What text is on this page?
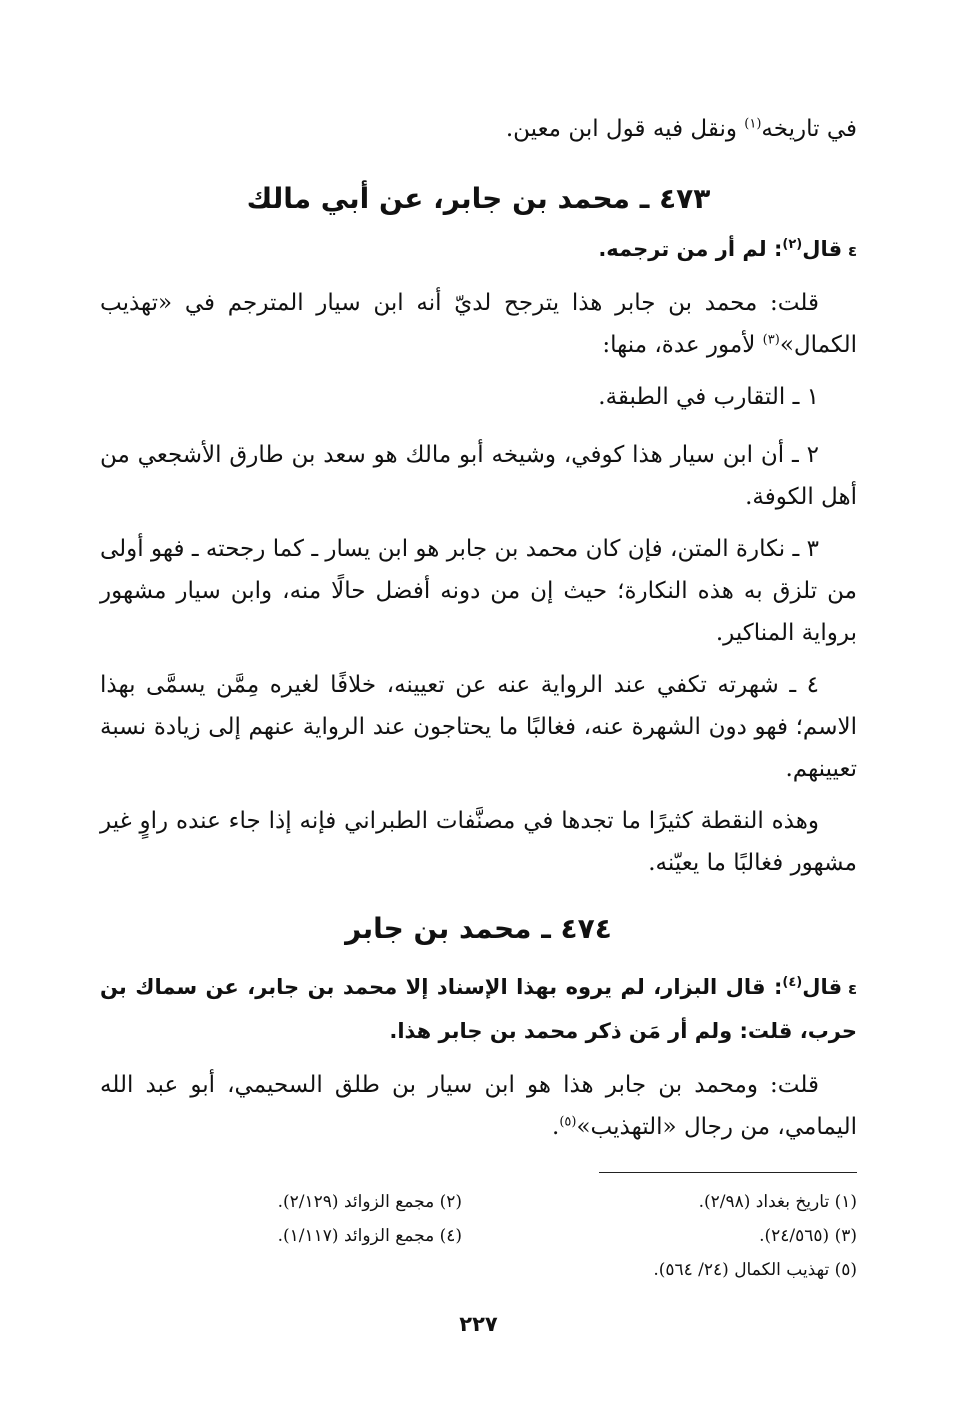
في تاريخه$^{(١)}$ ونقل فيه قول ابن معين.
٤٧٣ ـ محمد بن جابر، عن أبي مالك
εقال$^{(٢)}$: لم أر من ترجمه.
قلت: محمد بن جابر هذا يترجح لديّ أنه ابن سيار المترجم في «تهذيب الكمال»$^{(٣)}$ لأمور عدة، منها:
١ ـ التقارب في الطبقة.
٢ ـ أن ابن سيار هذا كوفي، وشيخه أبو مالك هو سعد بن طارق الأشجعي من أهل الكوفة.
٣ ـ نكارة المتن، فإن كان محمد بن جابر هو ابن يسار ـ كما رجحته ـ فهو أولى من تلزق به هذه النكارة؛ حيث إن من دونه أفضل حالًا منه، وابن سيار مشهور برواية المناكير.
٤ ـ شهرته تكفي عند الرواية عنه عن تعيينه، خلافًا لغيره مِمَّن يسمَّى بهذا الاسم؛ فهو دون الشهرة عنه، فغالبًا ما يحتاجون عند الرواية عنهم إلى زيادة نسبة تعيينهم.
وهذه النقطة كثيرًا ما تجدها في مصنَّفات الطبراني فإنه إذا جاء عنده راوٍ غير مشهور فغالبًا ما يعيّنه.
٤٧٤ ـ محمد بن جابر
εقال$^{(٤)}$: قال البزار، لم يروه بهذا الإسناد إلا محمد بن جابر، عن سماك بن حرب، قلت: ولم أر مَن ذكر محمد بن جابر هذا.
قلت: ومحمد بن جابر هذا هو ابن سيار بن طلق السحيمي، أبو عبد الله اليمامي، من رجال «التهذيب»$^{(٥)}$.
(١) تاريخ بغداد (٢/٩٨).
(٢) مجمع الزوائد (٢/١٢٩).
(٣) (٢٤/٥٦٥).
(٤) مجمع الزوائد (١/١١٧).
(٥) تهذيب الكمال (٢٤/ ٥٦٤).
٢٢٧
